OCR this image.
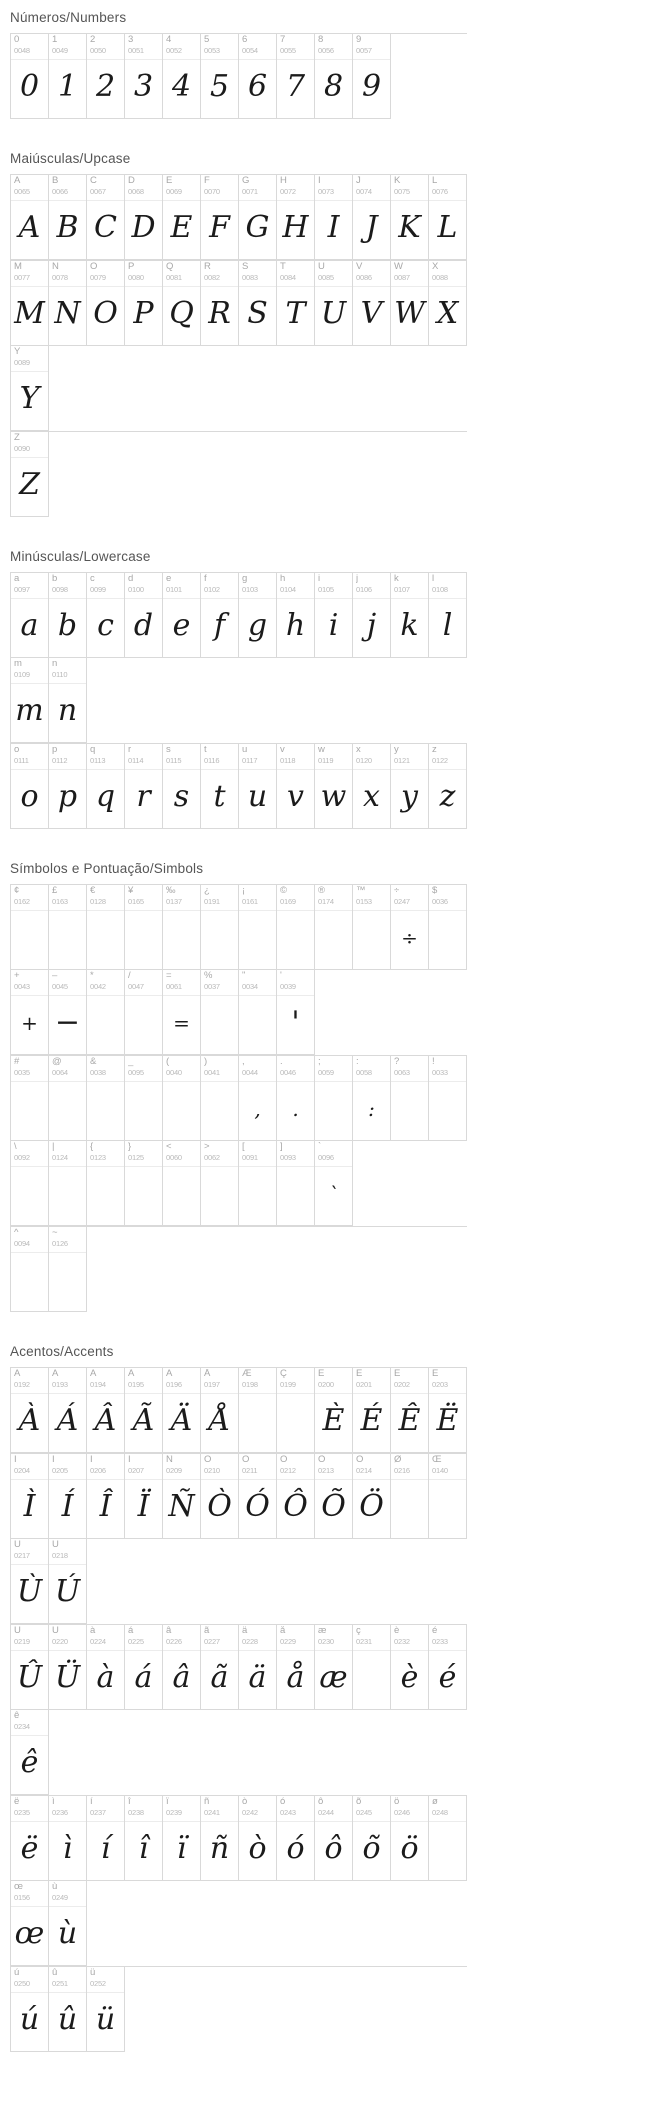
Números/Numbers
0
0048
0
1
0049
1
2
0050
2
3
0051
3
4
0052
4
5
0053
5
6
0054
6
7
0055
7
8
0056
8
9
0057
9
Maiúsculas/Upcase
A
0065
A
B
0066
B
C
0067
C
D
0068
D
E
0069
E
F
0070
F
G
0071
G
H
0072
H
I
0073
I
J
0074
J
K
0075
K
L
0076
L
M
0077
M
N
0078
N
O
0079
O
P
0080
P
Q
0081
Q
R
0082
R
S
0083
S
T
0084
T
U
0085
U
V
0086
V
W
0087
W
X
0088
X
Y
0089
Y
Z
0090
Z
Minúsculas/Lowercase
a
0097
a
b
0098
b
c
0099
c
d
0100
d
e
0101
e
f
0102
f
g
0103
g
h
0104
h
i
0105
i
j
0106
j
k
0107
k
l
0108
l
m
0109
m
n
0110
n
o
0111
o
p
0112
p
q
0113
q
r
0114
r
s
0115
s
t
0116
t
u
0117
u
v
0118
v
w
0119
w
x
0120
x
y
0121
y
z
0122
z
Símbolos e Pontuação/Simbols
¢
0162
£
0163
€
0128
¥
0165
‰
0137
¿
0191
¡
0161
©
0169
®
0174
™
0153
÷
0247
÷
$
0036
+
0043
+
–
0045
−
*
0042
/
0047
=
0061
=
%
0037
"
0034
'
0039
'
#
0035
@
0064
&
0038
_
0095
(
0040
)
0041
,
0044
,
.
0046
.
;
0059
:
0058
:
?
0063
!
0033
\
0092
|
0124
{
0123
}
0125
<
0060
>
0062
[
0091
]
0093
`
0096
`
^
0094
~
0126
Acentos/Accents
À
0192
À
Á
0193
Á
Â
0194
Â
Ã
0195
Ã
Ä
0196
Ä
Å
0197
Å
Æ
0198
Ç
0199
È
0200
È
É
0201
É
Ê
0202
Ê
Ë
0203
Ë
Ì
0204
Ì
Í
0205
Í
Î
0206
Î
Ï
0207
Ï
Ñ
0209
Ñ
Ò
0210
Ò
Ó
0211
Ó
Ô
0212
Ô
Õ
0213
Õ
Ö
0214
Ö
Ø
0216
Œ
0140
Ù
0217
Ù
Ú
0218
Ú
Û
0219
Û
Ü
0220
Ü
à
0224
à
á
0225
á
â
0226
â
ã
0227
ã
ä
0228
ä
å
0229
å
æ
0230
æ
ç
0231
è
0232
è
é
0233
é
ê
0234
ê
ë
0235
ë
ì
0236
ì
í
0237
í
î
0238
î
ï
0239
ï
ñ
0241
ñ
ò
0242
ò
ó
0243
ó
ô
0244
ô
õ
0245
õ
ö
0246
ö
ø
0248
œ
0156
œ
ù
0249
ù
ú
0250
ú
û
0251
û
ü
0252
ü
